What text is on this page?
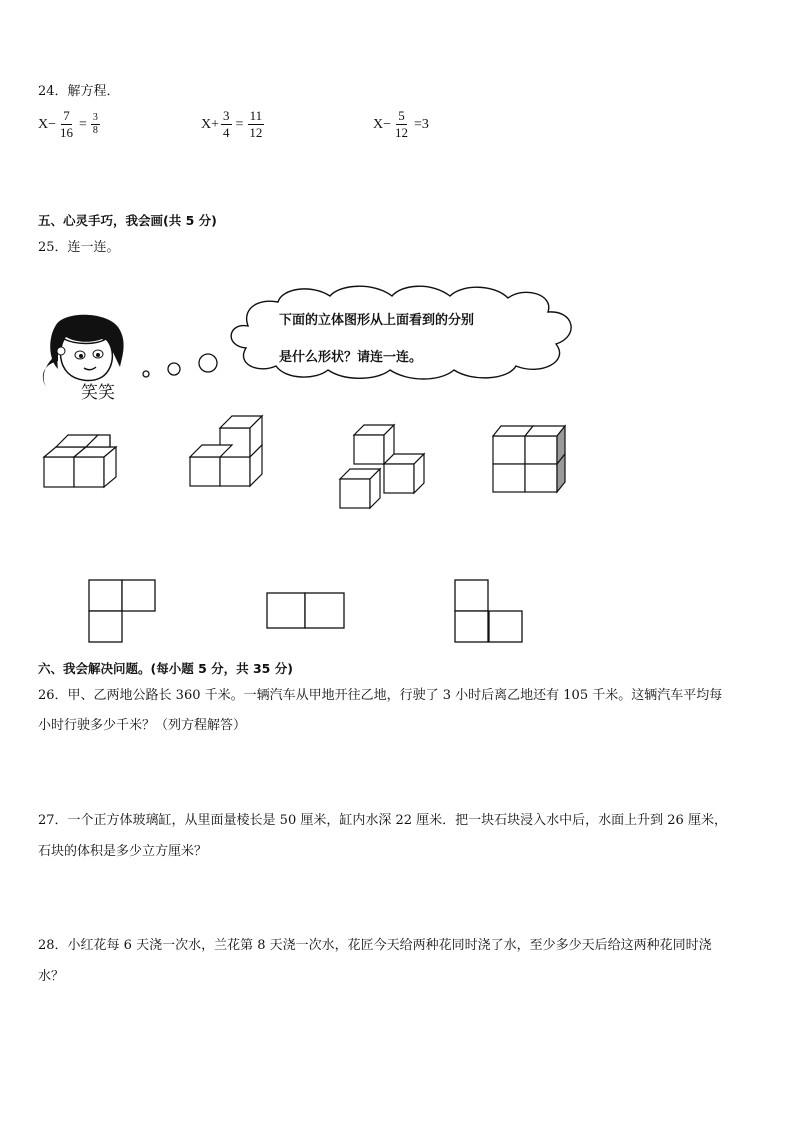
24．解方程．
$X- \frac{7}{16} = \frac{3}{8}$	$X+ \frac{3}{4} = \frac{11}{12}$	$X- \frac{5}{12} =3$
五、心灵手巧，我会画(共 5 分)
25．连一连。
笑笑
下面的立体图形从上面看到的分别
是什么形状？请连一连。
六、我会解决问题。(每小题 5 分，共 35 分)
26．甲、乙两地公路长 360 千米。一辆汽车从甲地开往乙地，行驶了 3 小时后离乙地还有 105 千米。这辆汽车平均每
小时行驶多少千米？（列方程解答）
27．一个正方体玻璃缸，从里面量棱长是 50 厘米，缸内水深 22 厘米．把一块石块浸入水中后，水面上升到 26 厘米，
石块的体积是多少立方厘米？
28．小红花每 6 天浇一次水，兰花第 8 天浇一次水，花匠今天给两种花同时浇了水，至少多少天后给这两种花同时浇
水？
